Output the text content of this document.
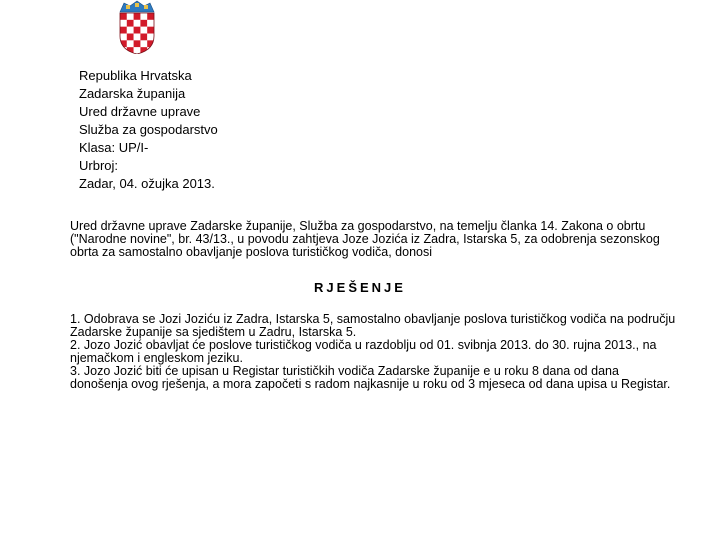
Republika Hrvatska
Zadarska županija
Ured državne uprave
Služba za gospodarstvo
Klasa: UP/I-
Urbroj:
Zadar, 04. ožujka 2013.
Ured državne uprave Zadarske županije, Služba za gospodarstvo, na temelju članka 14. Zakona o obrtu ("Narodne novine", br. 43/13., u povodu zahtjeva Joze Jozića iz Zadra, Istarska 5, za odobrenja sezonskog obrta za samostalno obavljanje poslova turističkog vodiča, donosi
RJEŠENJE

1. Odobrava se Jozi Joziću iz Zadra, Istarska 5, samostalno obavljanje poslova turističkog vodiča na području Zadarske županije sa sjedištem u Zadru, Istarska 5.

2. Jozo Jozić obavljat će poslove turističkog vodiča u razdoblju od 01. svibnja 2013. do 30. rujna 2013., na njemačkom i engleskom jeziku.

3. Jozo Jozić biti će upisan u Registar turističkih vodiča Zadarske županije e u roku 8 dana od dana donošenja ovog rješenja, a mora započeti s radom najkasnije u roku od 3 mjeseca od dana upisa u Registar.
